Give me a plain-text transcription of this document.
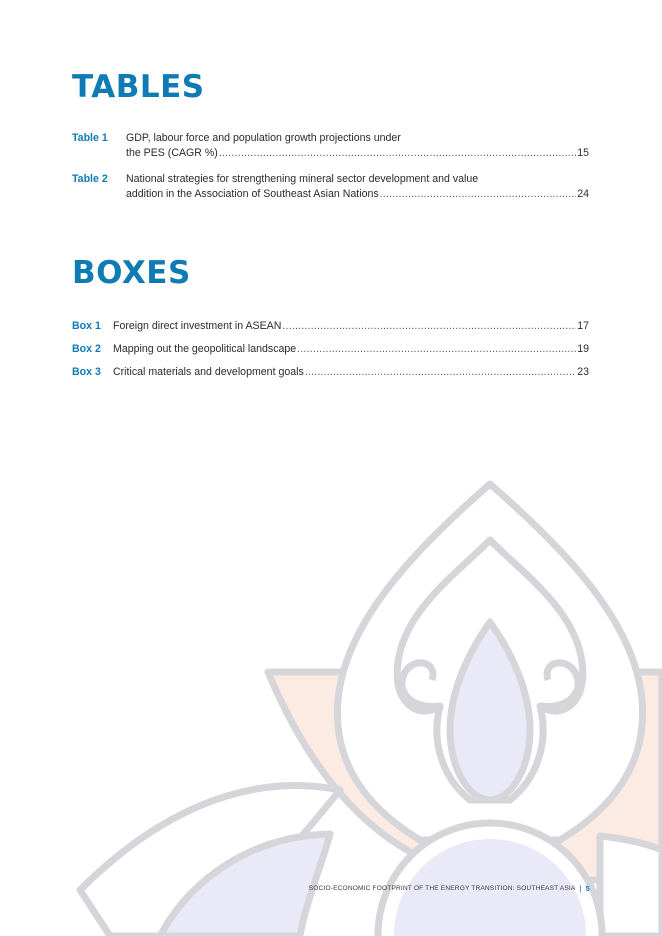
TABLES
Table 1 GDP, labour force and population growth projections under
the PES (CAGR %) .....	15
Table 2 National strategies for strengthening mineral sector development and value
addition in the Association of Southeast Asian Nations .....	24
BOXES
Box 1 Foreign direct investment in ASEAN .....	17
Box 2 Mapping out the geopolitical landscape .....	19
Box 3 Critical materials and development goals .....	23
SOCIO-ECONOMIC FOOTPRINT OF THE ENERGY TRANSITION: SOUTHEAST ASIA | 5
